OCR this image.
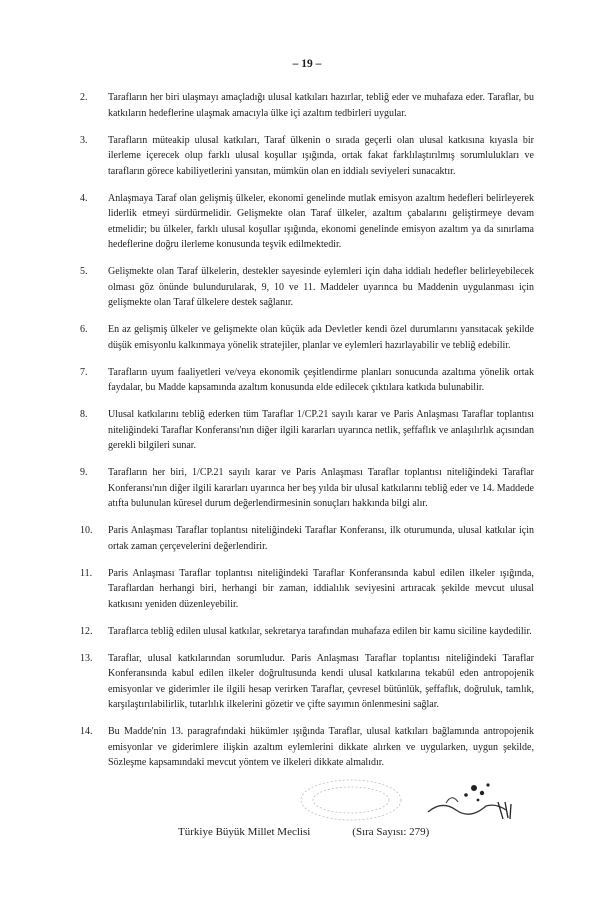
– 19 –
2. Tarafların her biri ulaşmayı amaçladığı ulusal katkıları hazırlar, tebliğ eder ve muhafaza eder. Taraflar, bu katkıların hedeflerine ulaşmak amacıyla ülke içi azaltım tedbirleri uygular.
3. Tarafların müteakip ulusal katkıları, Taraf ülkenin o sırada geçerli olan ulusal katkısına kıyasla bir ilerleme içerecek olup farklı ulusal koşullar ışığında, ortak fakat farklılaştırılmış sorumlulukları ve tarafların görece kabiliyetlerini yansıtan, mümkün olan en iddialı seviyeleri sunacaktır.
4. Anlaşmaya Taraf olan gelişmiş ülkeler, ekonomi genelinde mutlak emisyon azaltım hedefleri belirleyerek liderlik etmeyi sürdürmelidir. Gelişmekte olan Taraf ülkeler, azaltım çabalarını geliştirmeye devam etmelidir; bu ülkeler, farklı ulusal koşullar ışığında, ekonomi genelinde emisyon azaltım ya da sınırlama hedeflerine doğru ilerleme konusunda teşvik edilmektedir.
5. Gelişmekte olan Taraf ülkelerin, destekler sayesinde eylemleri için daha iddialı hedefler belirleyebilecek olması göz önünde bulundurularak, 9, 10 ve 11. Maddeler uyarınca bu Maddenin uygulanması için gelişmekte olan Taraf ülkelere destek sağlanır.
6. En az gelişmiş ülkeler ve gelişmekte olan küçük ada Devletler kendi özel durumlarını yansıtacak şekilde düşük emisyonlu kalkınmaya yönelik stratejiler, planlar ve eylemleri hazırlayabilir ve tebliğ edebilir.
7. Tarafların uyum faaliyetleri ve/veya ekonomik çeşitlendirme planları sonucunda azaltıma yönelik ortak faydalar, bu Madde kapsamında azaltım konusunda elde edilecek çıktılara katkıda bulunabilir.
8. Ulusal katkılarını tebliğ ederken tüm Taraflar 1/CP.21 sayılı karar ve Paris Anlaşması Taraflar toplantısı niteliğindeki Taraflar Konferansı'nın diğer ilgili kararları uyarınca netlik, şeffaflık ve anlaşılırlık açısından gerekli bilgileri sunar.
9. Tarafların her biri, 1/CP.21 sayılı karar ve Paris Anlaşması Taraflar toplantısı niteliğindeki Taraflar Konferansı'nın diğer ilgili kararları uyarınca her beş yılda bir ulusal katkılarını tebliğ eder ve 14. Maddede atıfta bulunulan küresel durum değerlendirmesinin sonuçları hakkında bilgi alır.
10. Paris Anlaşması Taraflar toplantısı niteliğindeki Taraflar Konferansı, ilk oturumunda, ulusal katkılar için ortak zaman çerçevelerini değerlendirir.
11. Paris Anlaşması Taraflar toplantısı niteliğindeki Taraflar Konferansında kabul edilen ilkeler ışığında, Taraflardan herhangi biri, herhangi bir zaman, iddialılık seviyesini artıracak şekilde mevcut ulusal katkısını yeniden düzenleyebilir.
12. Taraflarca tebliğ edilen ulusal katkılar, sekretarya tarafından muhafaza edilen bir kamu siciline kaydedilir.
13. Taraflar, ulusal katkılarından sorumludur. Paris Anlaşması Taraflar toplantısı niteliğindeki Taraflar Konferansında kabul edilen ilkeler doğrultusunda kendi ulusal katkılarına tekabül eden antropojenik emisyonlar ve giderimler ile ilgili hesap verirken Taraflar, çevresel bütünlük, şeffaflık, doğruluk, tamlık, karşılaştırılabilirlik, tutarlılık ilkelerini gözetir ve çifte sayımın önlenmesini sağlar.
14. Bu Madde'nin 13. paragrafındaki hükümler ışığında Taraflar, ulusal katkıları bağlamında antropojenik emisyonlar ve giderimlere ilişkin azaltım eylemlerini dikkate alırken ve uygularken, uygun şekilde, Sözleşme kapsamındaki mevcut yöntem ve ilkeleri dikkate almalıdır.
Türkiye Büyük Millet Meclisi	(Sıra Sayısı: 279)
